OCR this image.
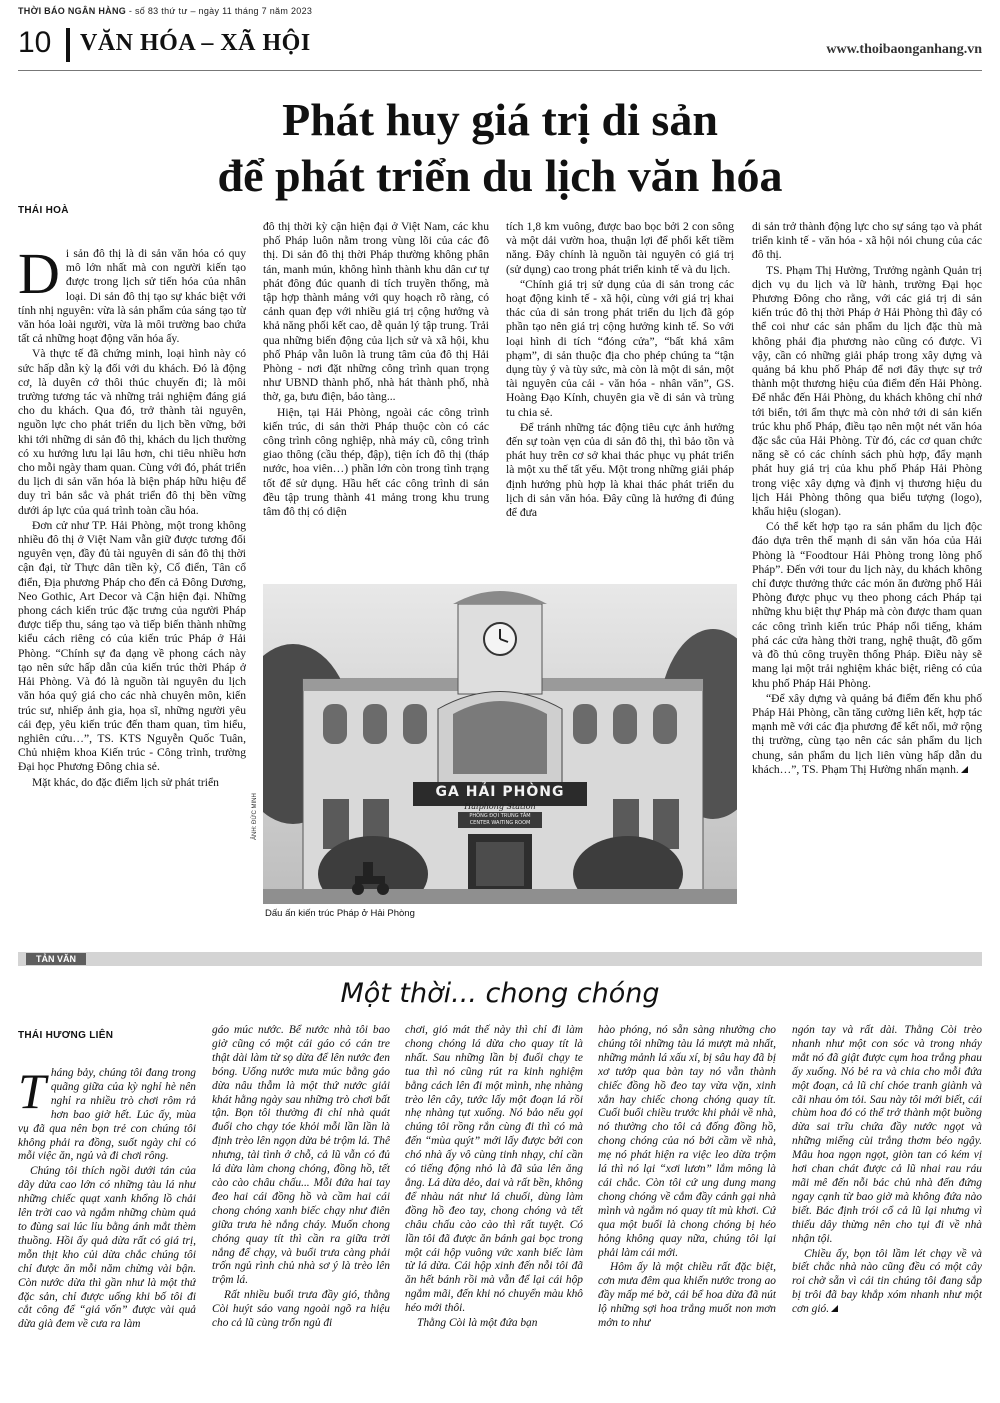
THỜI BÁO NGÂN HÀNG - số 83 thứ tư – ngày 11 tháng 7 năm 2023
10 VĂN HÓA – XÃ HỘI	www.thoibaonganhang.vn
Phát huy giá trị di sản
để phát triển du lịch văn hóa
THÁI HOÀ

Di sản đô thị là di sản văn hóa có quy mô lớn nhất mà con người kiến tạo được trong lịch sử tiến hóa của nhân loại. Di sản đô thị tạo sự khác biệt với tính nhị nguyên: vừa là sản phẩm của sáng tạo từ văn hóa loài người, vừa là môi trường bao chứa tất cả những hoạt động văn hóa ấy.

Và thực tế đã chứng minh, loại hình này có sức hấp dẫn kỳ lạ đối với du khách. Đó là động cơ, là duyên cớ thôi thúc chuyến đi; là môi trường tương tác và những trải nghiệm đáng giá cho du khách. Qua đó, trở thành tài nguyên, nguồn lực cho phát triển du lịch bền vững, bởi khi tới những di sản đô thị, khách du lịch thường có xu hướng lưu lại lâu hơn, chi tiêu nhiều hơn cho mỗi ngày tham quan. Cùng với đó, phát triển du lịch di sản văn hóa là biện pháp hữu hiệu để duy trì bản sắc và phát triển đô thị bền vững dưới áp lực của quá trình toàn cầu hóa.

Đơn cử như TP. Hải Phòng, một trong không nhiều đô thị ở Việt Nam vẫn giữ được tương đối nguyên vẹn, đầy đủ tài nguyên di sản đô thị thời cận đại, từ Thực dân tiền kỳ, Cổ điển, Tân cổ điển, Địa phương Pháp cho đến cả Đông Dương, Neo Gothic, Art Decor và Cận hiện đại. Những phong cách kiến trúc đặc trưng của người Pháp được tiếp thu, sáng tạo và tiếp biến thành những kiểu cách riêng có của kiến trúc Pháp ở Hải Phòng. “Chính sự đa dạng về phong cách này tạo nên sức hấp dẫn của kiến trúc thời Pháp ở Hải Phòng. Và đó là nguồn tài nguyên du lịch văn hóa quý giá cho các nhà chuyên môn, kiến trúc sư, nhiếp ảnh gia, họa sĩ, những người yêu cái đẹp, yêu kiến trúc đến tham quan, tìm hiểu, nghiên cứu…”, TS. KTS Nguyễn Quốc Tuân, Chủ nhiệm khoa Kiến trúc - Công trình, trường Đại học Phương Đông chia sẻ.

Mặt khác, do đặc điểm lịch sử phát triển

đô thị thời kỳ cận hiện đại ở Việt Nam, các khu phố Pháp luôn nằm trong vùng lõi của các đô thị. Di sản đô thị thời Pháp thường không phân tán, manh mún, không hình thành khu dân cư tự phát đông đúc quanh di tích truyền thống, mà tập hợp thành mảng với quy hoạch rõ ràng, có cảnh quan đẹp với nhiều giá trị cộng hưởng và khả năng phối kết cao, dễ quản lý tập trung. Trải qua những biến động của lịch sử và xã hội, khu phố Pháp vẫn luôn là trung tâm của đô thị Hải Phòng - nơi đặt những công trình quan trọng như UBND thành phố, nhà hát thành phố, nhà thờ, ga, bưu điện, bảo tàng...

Hiện, tại Hải Phòng, ngoài các công trình kiến trúc, di sản thời Pháp thuộc còn có các công trình công nghiệp, nhà máy cũ, công trình giao thông (cầu thép, đập), tiện ích đô thị (tháp nước, hoa viên…) phần lớn còn trong tình trạng tốt để sử dụng. Hầu hết các công trình di sản đều tập trung thành 41 mảng trong khu trung tâm đô thị có diện

tích 1,8 km vuông, được bao bọc bởi 2 con sông và một dải vườn hoa, thuận lợi để phối kết tiềm năng. Đây chính là nguồn tài nguyên có giá trị (sử dụng) cao trong phát triển kinh tế và du lịch.

“Chính giá trị sử dụng của di sản trong các hoạt động kinh tế - xã hội, cùng với giá trị khai thác của di sản trong phát triển du lịch đã góp phần tạo nên giá trị cộng hưởng kinh tế. So với loại hình di tích “đóng cửa”, “bất khả xâm phạm”, di sản thuộc địa cho phép chúng ta “tận dụng tùy ý và tùy sức, mà còn là một di sản, một tài nguyên của cải - văn hóa - nhân văn”, GS. Hoàng Đạo Kính, chuyên gia về di sản và trùng tu chia sẻ.

Để tránh những tác động tiêu cực ảnh hưởng đến sự toàn vẹn của di sản đô thị, thì bảo tồn và phát huy trên cơ sở khai thác phục vụ phát triển là một xu thế tất yếu. Một trong những giải pháp định hướng phù hợp là khai thác phát triển du lịch di sản văn hóa. Đây cũng là hướng đi đúng để đưa

di sản trở thành động lực cho sự sáng tạo và phát triển kinh tế - văn hóa - xã hội nói chung của các đô thị.

TS. Phạm Thị Hường, Trưởng ngành Quản trị dịch vụ du lịch và lữ hành, trường Đại học Phương Đông cho rằng, với các giá trị di sản kiến trúc đô thị thời Pháp ở Hải Phòng thì đây có thể coi như các sản phẩm du lịch đặc thù mà không phải địa phương nào cũng có được. Vì vậy, cần có những giải pháp trong xây dựng và quảng bá khu phố Pháp để nơi đây thực sự trở thành một thương hiệu của điểm đến Hải Phòng. Để nhắc đến Hải Phòng, du khách không chỉ nhớ tới biển, tới ẩm thực mà còn nhớ tới di sản kiến trúc khu phố Pháp, điều tạo nên một nét văn hóa đặc sắc của Hải Phòng. Từ đó, các cơ quan chức năng sẽ có các chính sách phù hợp, đẩy mạnh phát huy giá trị của khu phố Pháp Hải Phòng trong việc xây dựng và định vị thương hiệu du lịch Hải Phòng thông qua biểu tượng (logo), khẩu hiệu (slogan).

Có thể kết hợp tạo ra sản phẩm du lịch độc đáo dựa trên thế mạnh di sản văn hóa của Hải Phòng là “Foodtour Hải Phòng trong lòng phố Pháp”. Đến với tour du lịch này, du khách không chỉ được thưởng thức các món ăn đường phố Hải Phòng được phục vụ theo phong cách Pháp tại những khu biệt thự Pháp mà còn được tham quan các công trình kiến trúc Pháp nổi tiếng, khám phá các cửa hàng thời trang, nghệ thuật, đồ gốm và đồ thủ công truyền thống Pháp. Điều này sẽ mang lại một trải nghiệm khác biệt, riêng có của khu phố Pháp Hải Phòng.

“Để xây dựng và quảng bá điểm đến khu phố Pháp Hải Phòng, cần tăng cường liên kết, hợp tác mạnh mẽ với các địa phương để kết nối, mở rộng thị trường, cùng tạo nên các sản phẩm du lịch chung, sản phẩm du lịch liên vùng hấp dẫn du khách…”, TS. Phạm Thị Hường nhấn mạnh.

GA HẢI PHÒNG
Haiphong Station
PHÒNG ĐỢI TRUNG TÂM
CENTER WAITING ROOM
ẢNH: ĐỨC MINH
Dấu ấn kiến trúc Pháp ở Hải Phòng
TẢN VĂN
Một thời... chong chóng
THÁI HƯƠNG LIÊN

Tháng bảy, chúng tôi đang trong quãng giữa của kỳ nghỉ hè nên nghỉ ra nhiều trò chơi rôm rả hơn bao giờ hết. Lúc ấy, mùa vụ đã qua nên bọn trẻ con chúng tôi không phải ra đồng, suốt ngày chỉ có mỗi việc ăn, ngủ và đi chơi rông.

Chúng tôi thích ngồi dưới tán của dãy dừa cao lớn có những tàu lá như những chiếc quạt xanh khổng lồ chải lên trời cao và ngắm những chùm quả to đùng sai lúc lỉu bằng ánh mắt thèm thuồng. Hồi ấy quả dừa rất có giá trị, mỗn thịt kho củi dừa chắc chúng tôi chỉ được ăn mỗi năm chừng vài bận. Còn nước dừa thì gần như là một thứ đặc sản, chỉ được uống khi bố tôi đi cắt công để “giá vốn” được vài quả dừa già đem về cưa ra làm

gáo múc nước. Bể nước nhà tôi bao giờ cũng có một cái gáo có cán tre thật dài làm từ sọ dừa để lên nước đen bóng. Uống nước mưa múc bằng gáo dừa nâu thẫm là một thứ nước giải khát hằng ngày sau những trò chơi bất tận. Bọn tôi thường đi chỉ nhà quát đuổi cho chạy tóe khỏi mỗi lần lần là định trèo lên ngọn dừa bẻ trộm lá. Thế nhưng, tài tình ở chỗ, cả lũ vẫn có đủ lá dừa làm chong chóng, đồng hồ, tết cào cào châu chấu... Mỗi đứa hai tay đeo hai cái đồng hồ và cầm hai cái chong chóng xanh biếc chạy như điên giữa trưa hè nắng cháy. Muốn chong chóng quay tít thì cần ra giữa trời nắng để chạy, và buổi trưa càng phải trốn ngủ rình chủ nhà sơ ý là trèo lên trộm lá.

Rất nhiều buổi trưa đầy gió, thằng Còi huýt sáo vang ngoài ngõ ra hiệu cho cả lũ cùng trốn ngủ đi

chơi, gió mát thế này thì chỉ đi làm chong chóng lá dừa cho quay tít là nhất. Sau những lần bị đuổi chạy te tua thì nó cũng rút ra kinh nghiệm bằng cách lên đi một mình, nhẹ nhàng trèo lên cây, tước lấy một đoạn lá rồi nhẹ nhàng tụt xuống. Nó bảo nếu gọi chúng tôi rồng rắn cùng đi thì có mà đến “mùa quýt” mới lấy được bởi con chó nhà ấy vô cùng tinh nhạy, chỉ cần có tiếng động nhỏ là đã sủa lên ăng ẳng. Lá dừa dẻo, dai và rất bền, không để nhàu nát như lá chuối, dùng làm đồng hồ đeo tay, chong chóng và tết châu chấu cào cào thì rất tuyệt. Có lần tôi đã được ăn bánh gai bọc trong một cái hộp vuông vức xanh biếc làm từ lá dừa. Cái hộp xinh đến nỗi tôi đã ăn hết bánh rồi mà vẫn để lại cái hộp ngắm mãi, đến khi nó chuyển màu khô héo mới thôi.

Thằng Còi là một đứa bạn

hào phóng, nó sẵn sàng nhường cho chúng tôi những tàu lá mượt mà nhất, những mảnh lá xấu xí, bị sâu hay đã bị xơ tướp qua bàn tay nó vẫn thành chiếc đồng hồ đeo tay vừa vặn, xinh xắn hay chiếc chong chóng quay tít. Cuối buổi chiều trước khi phải về nhà, nó thường cho tôi cả đống đồng hồ, chong chóng của nó bởi cầm về nhà, mẹ nó phát hiện ra việc leo dừa trộm lá thì nó lại “xơi lươn” lắm mông là cái chắc. Còn tôi cứ ung dung mang chong chóng về cắm đầy cánh gại nhà mình và ngắm nó quay tít mù khơi. Cứ qua một buổi là chong chóng bị héo hỏng không quay nữa, chúng tôi lại phải làm cái mới.

Hôm ấy là một chiều rất đặc biệt, cơn mưa đêm qua khiến nước trong ao đầy mấp mé bờ, cái bể hoa dừa đã nút lộ những sợi hoa trắng muốt non mơn mởn to như

ngón tay và rất dài. Thằng Còi trèo nhanh như một con sóc và trong nháy mắt nó đã giật được cụm hoa trắng phau ấy xuống. Nó bẻ ra và chia cho mỗi đứa một đoạn, cả lũ chí chóe tranh giành và cãi nhau ỏm tỏi. Sau này tôi mới biết, cái chùm hoa đó có thể trở thành một buồng dừa sai trĩu chứa đầy nước ngọt và những miếng cùi trắng thơm béo ngậy. Mâu hoa ngọn ngọt, giòn tan có kém vị hơi chan chát được cả lũ nhai rau ráu mãi mê đến nỗi bác chủ nhà đến đứng ngay cạnh từ bao giờ mà không đứa nào biết. Bác định trói cổ cả lũ lại nhưng vì thiếu dây thừng nên cho tụi đi về nhà nhận tội.

Chiều ấy, bọn tôi lầm lét chạy về và biết chắc nhà nào cũng đều có một cây roi chờ sẵn vì cái tin chúng tôi đang sắp bị trôi đã bay khắp xóm nhanh như một cơn gió.
